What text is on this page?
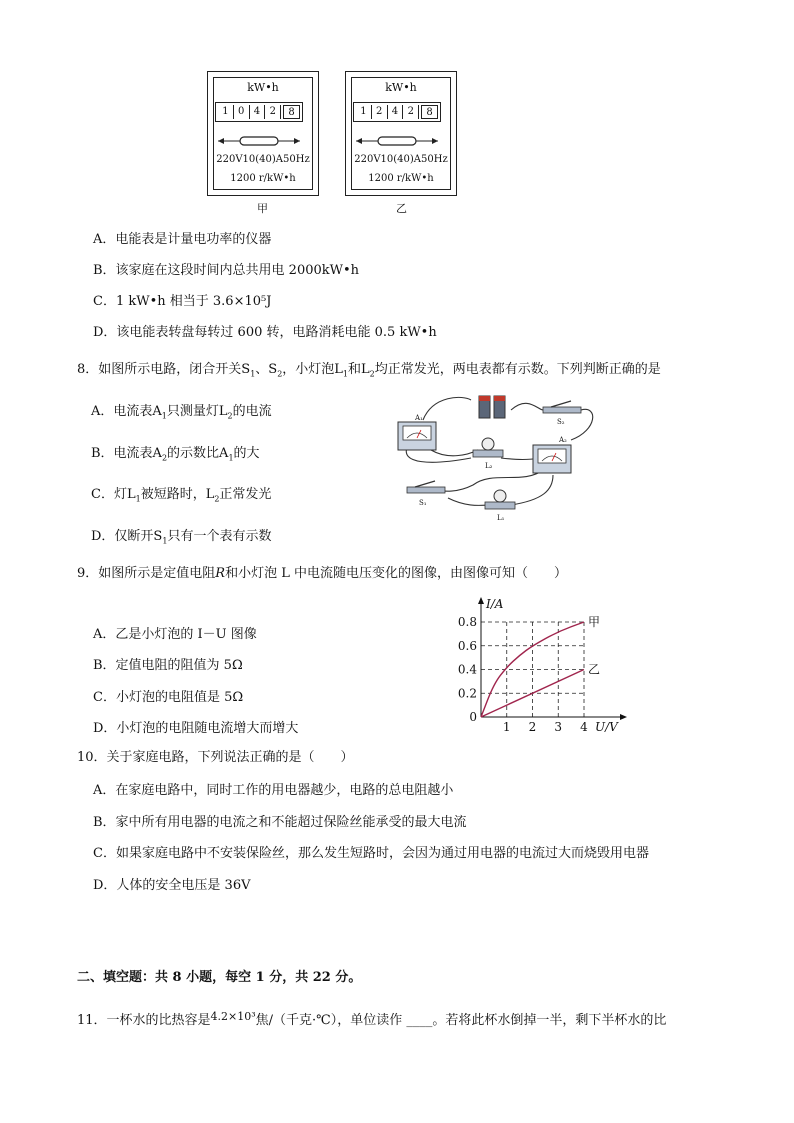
kW•h
1 0 4 2	8
220V10(40)A50Hz
1200 r/kW•h
甲
kW•h
1 2 4 2	8
220V10(40)A50Hz
1200 r/kW•h
乙
A．电能表是计量电功率的仪器
B．该家庭在这段时间内总共用电 2000kW•h
C．1 kW•h 相当于 3.6×10⁵J
D．该电能表转盘每转过 600 转，电路消耗电能 0.5 kW•h
8．如图所示电路，闭合开关$S_1$、$S_2$，小灯泡$L_1$和$L_2$均正常发光，两电表都有示数。下列判断正确的是
A．电流表$A_1$只测量灯$L_2$的电流
B．电流表$A_2$的示数比$A_1$的大
C．灯$L_1$被短路时，$L_2$正常发光
D．仅断开$S_1$只有一个表有示数
A₁
A₂
L₂
L₁
S₁
S₂
9．如图所示是定值电阻R和小灯泡 L 中电流随电压变化的图像，由图像可知（　　）
A．乙是小灯泡的 I－U 图像
B．定值电阻的阻值为 5Ω
C．小灯泡的电阻值是 5Ω
D．小灯泡的电阻随电流增大而增大	1 2 3 4
0.2
0.4
0.6
0.8
0
U/V
I/A
甲
乙
10．关于家庭电路，下列说法正确的是（　　）
A．在家庭电路中，同时工作的用电器越少，电路的总电阻越小
B．家中所有用电器的电流之和不能超过保险丝能承受的最大电流
C．如果家庭电路中不安装保险丝，那么发生短路时，会因为通过用电器的电流过大而烧毁用电器
D．人体的安全电压是 36V
二、填空题：共 8 小题，每空 1 分，共 22 分。
11．一杯水的比热容是$^{4.2\times 10^3}$焦/（千克·℃），单位读作 ____。若将此杯水倒掉一半，剩下半杯水的比
